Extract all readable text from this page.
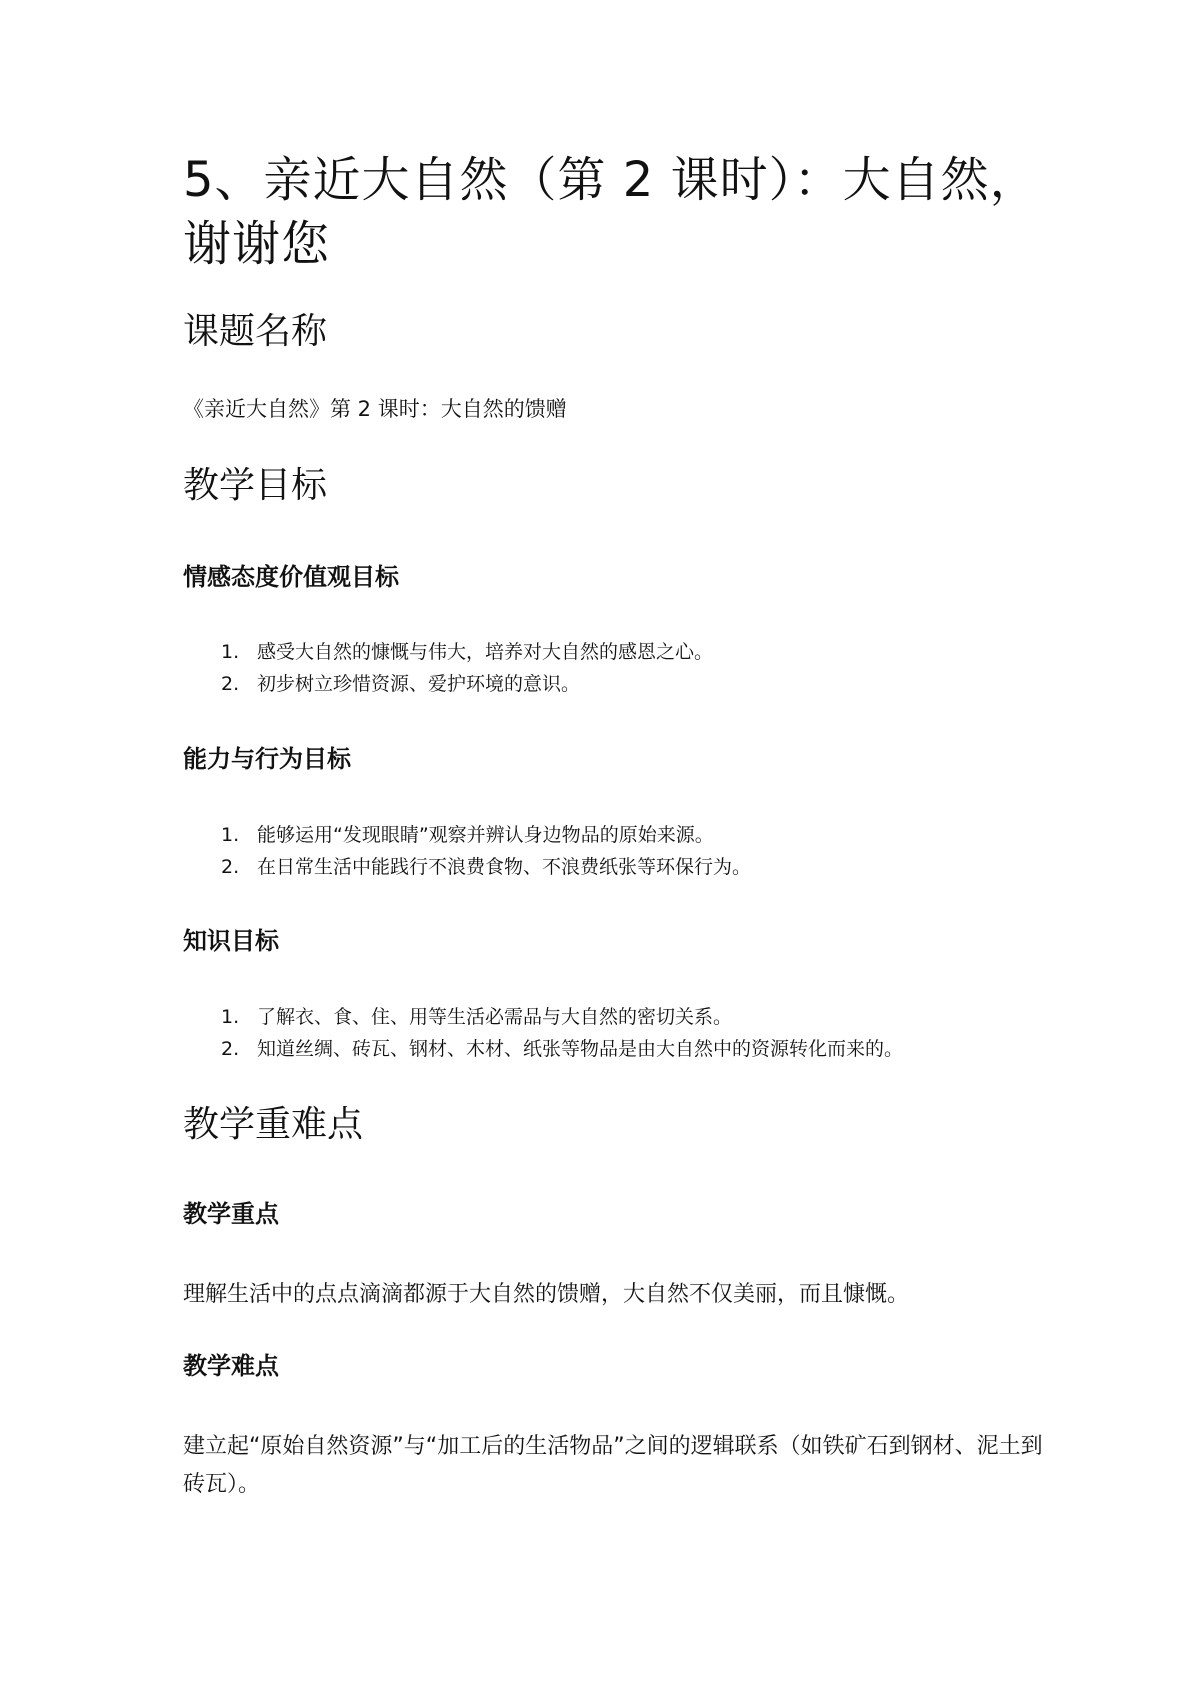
5、亲近大自然（第 2 课时）：大自然，谢谢您
课题名称

《亲近大自然》第 2 课时：大自然的馈赠

教学目标
情感态度价值观目标
1. 感受大自然的慷慨与伟大，培养对大自然的感恩之心。
2. 初步树立珍惜资源、爱护环境的意识。
能力与行为目标
1. 能够运用“发现眼睛”观察并辨认身边物品的原始来源。
2. 在日常生活中能践行不浪费食物、不浪费纸张等环保行为。
知识目标
1. 了解衣、食、住、用等生活必需品与大自然的密切关系。
2. 知道丝绸、砖瓦、钢材、木材、纸张等物品是由大自然中的资源转化而来的。
教学重难点
教学重点

理解生活中的点点滴滴都源于大自然的馈赠，大自然不仅美丽，而且慷慨。

教学难点

建立起“原始自然资源”与“加工后的生活物品”之间的逻辑联系（如铁矿石到钢材、泥土到砖瓦）。
